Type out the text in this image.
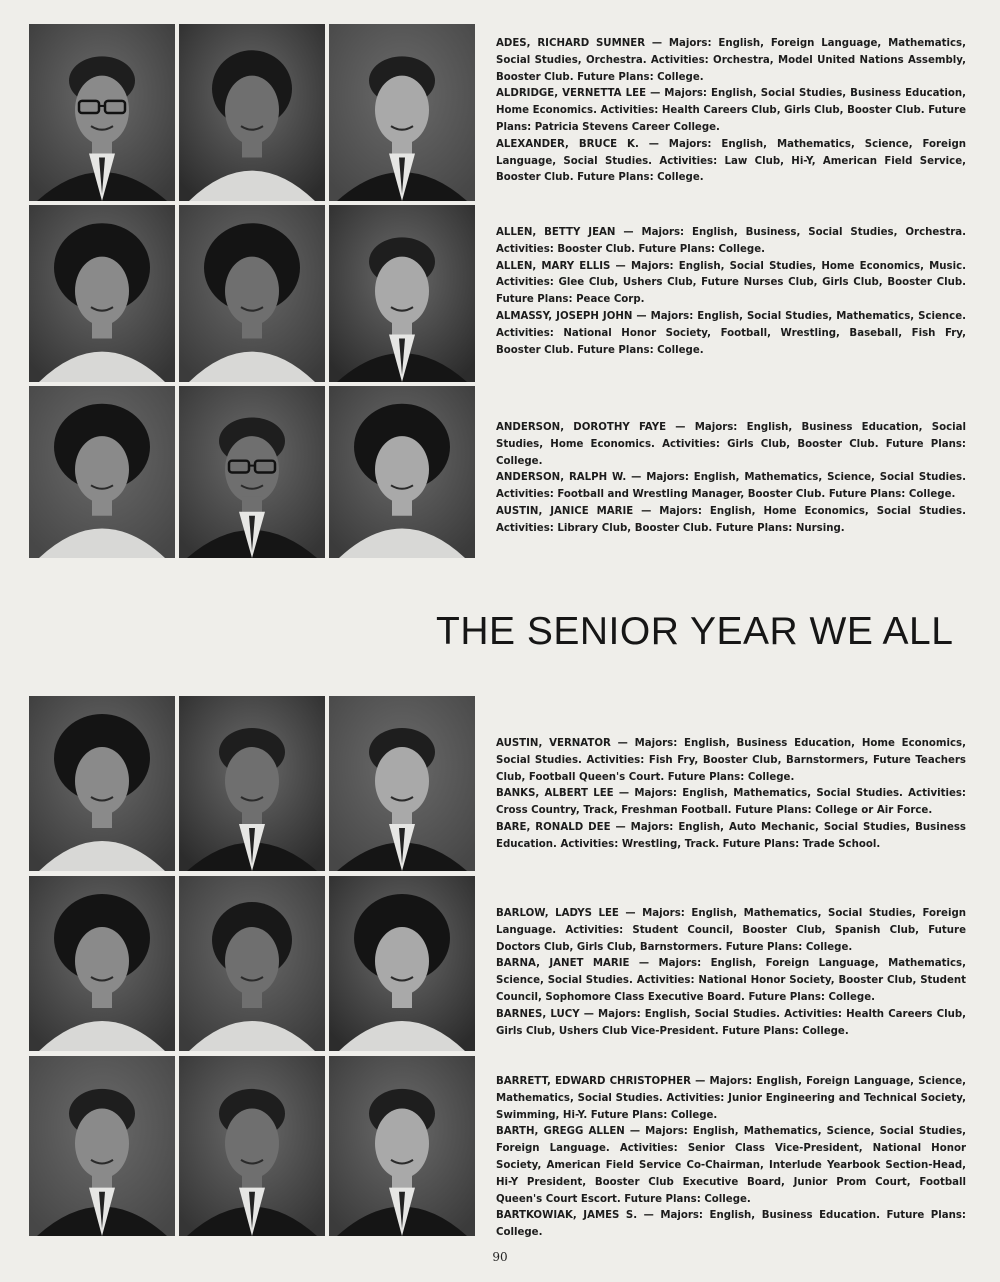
ADES, RICHARD SUMNER — Majors: English, Foreign Language, Mathematics, Social Studies, Orchestra. Activities: Orchestra, Model United Nations Assembly, Booster Club. Future Plans: College.

ALDRIDGE, VERNETTA LEE — Majors: English, Social Studies, Business Education, Home Economics. Activities: Health Careers Club, Girls Club, Booster Club. Future Plans: Patricia Stevens Career College.

ALEXANDER, BRUCE K. — Majors: English, Mathematics, Science, Foreign Language, Social Studies. Activities: Law Club, Hi-Y, American Field Service, Booster Club. Future Plans: College.

ALLEN, BETTY JEAN — Majors: English, Business, Social Studies, Orchestra. Activities: Booster Club. Future Plans: College.

ALLEN, MARY ELLIS — Majors: English, Social Studies, Home Economics, Music. Activities: Glee Club, Ushers Club, Future Nurses Club, Girls Club, Booster Club. Future Plans: Peace Corp.

ALMASSY, JOSEPH JOHN — Majors: English, Social Studies, Mathematics, Science. Activities: National Honor Society, Football, Wrestling, Baseball, Fish Fry, Booster Club. Future Plans: College.

ANDERSON, DOROTHY FAYE — Majors: English, Business Education, Social Studies, Home Economics. Activities: Girls Club, Booster Club. Future Plans: College.

ANDERSON, RALPH W. — Majors: English, Mathematics, Science, Social Studies. Activities: Football and Wrestling Manager, Booster Club. Future Plans: College.

AUSTIN, JANICE MARIE — Majors: English, Home Economics, Social Studies. Activities: Library Club, Booster Club. Future Plans: Nursing.

THE SENIOR YEAR WE ALL

AUSTIN, VERNATOR — Majors: English, Business Education, Home Economics, Social Studies. Activities: Fish Fry, Booster Club, Barnstormers, Future Teachers Club, Football Queen's Court. Future Plans: College.

BANKS, ALBERT LEE — Majors: English, Mathematics, Social Studies. Activities: Cross Country, Track, Freshman Football. Future Plans: College or Air Force.

BARE, RONALD DEE — Majors: English, Auto Mechanic, Social Studies, Business Education. Activities: Wrestling, Track. Future Plans: Trade School.

BARLOW, LADYS LEE — Majors: English, Mathematics, Social Studies, Foreign Language. Activities: Student Council, Booster Club, Spanish Club, Future Doctors Club, Girls Club, Barnstormers. Future Plans: College.

BARNA, JANET MARIE — Majors: English, Foreign Language, Mathematics, Science, Social Studies. Activities: National Honor Society, Booster Club, Student Council, Sophomore Class Executive Board. Future Plans: College.

BARNES, LUCY — Majors: English, Social Studies. Activities: Health Careers Club, Girls Club, Ushers Club Vice-President. Future Plans: College.

BARRETT, EDWARD CHRISTOPHER — Majors: English, Foreign Language, Science, Mathematics, Social Studies. Activities: Junior Engineering and Technical Society, Swimming, Hi-Y. Future Plans: College.

BARTH, GREGG ALLEN — Majors: English, Mathematics, Science, Social Studies, Foreign Language. Activities: Senior Class Vice-President, National Honor Society, American Field Service Co-Chairman, Interlude Yearbook Section-Head, Hi-Y President, Booster Club Executive Board, Junior Prom Court, Football Queen's Court Escort. Future Plans: College.

BARTKOWIAK, JAMES S. — Majors: English, Business Education. Future Plans: College.

90
